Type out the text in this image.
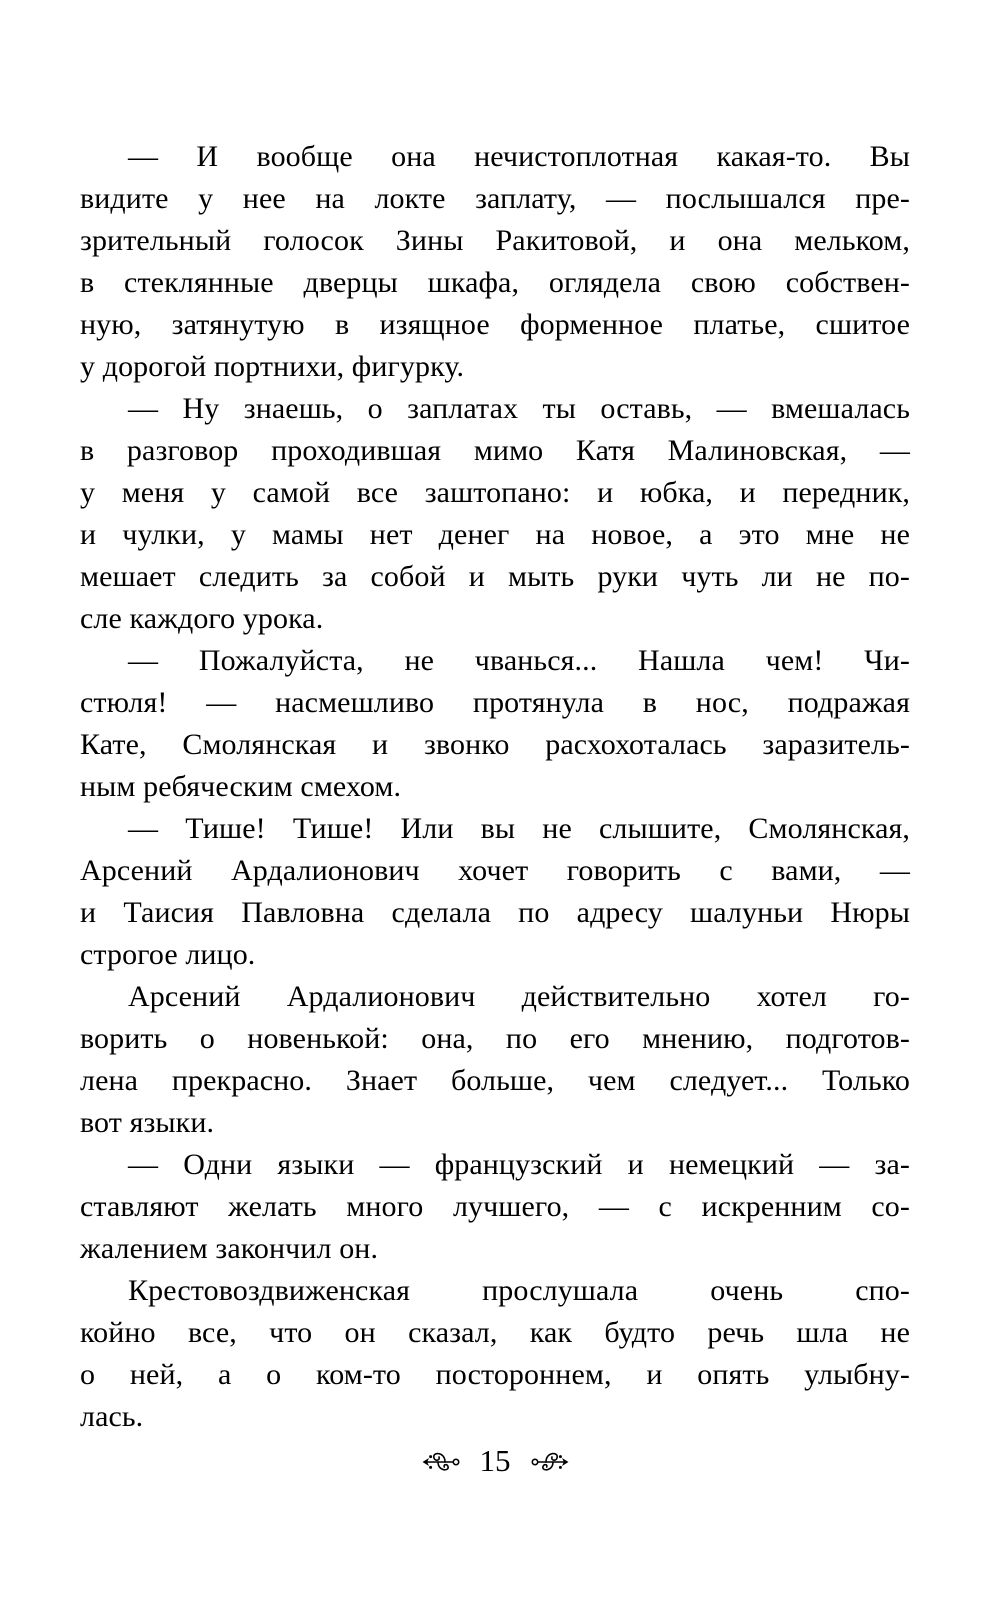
— И вообще она нечистоплотная какая-то. Вы
видите у нее на локте заплату, — послышался пре-
зрительный голосок Зины Ракитовой, и она мельком,
в стеклянные дверцы шкафа, оглядела свою собствен-
ную, затянутую в изящное форменное платье, сшитое
у дорогой портнихи, фигурку.
— Ну знаешь, о заплатах ты оставь, — вмешалась
в разговор проходившая мимо Катя Малиновская, —
у меня у самой все заштопано: и юбка, и передник,
и чулки, у мамы нет денег на новое, а это мне не
мешает следить за собой и мыть руки чуть ли не по-
сле каждого урока.
— Пожалуйста, не чванься... Нашла чем! Чи-
стюля! — насмешливо протянула в нос, подражая
Кате, Смолянская и звонко расхохоталась заразитель-
ным ребяческим смехом.
— Тише! Тише! Или вы не слышите, Смолянская,
Арсений Ардалионович хочет говорить с вами, —
и Таисия Павловна сделала по адресу шалуньи Нюры
строгое лицо.
Арсений Ардалионович действительно хотел го-
ворить о новенькой: она, по его мнению, подготов-
лена прекрасно. Знает больше, чем следует... Только
вот языки.
— Одни языки — французский и немецкий — за-
ставляют желать много лучшего, — с искренним со-
жалением закончил он.
Крестовоздвиженская прослушала очень спо-
койно все, что он сказал, как будто речь шла не
о ней, а о ком-то постороннем, и опять улыбну-
лась.
15
